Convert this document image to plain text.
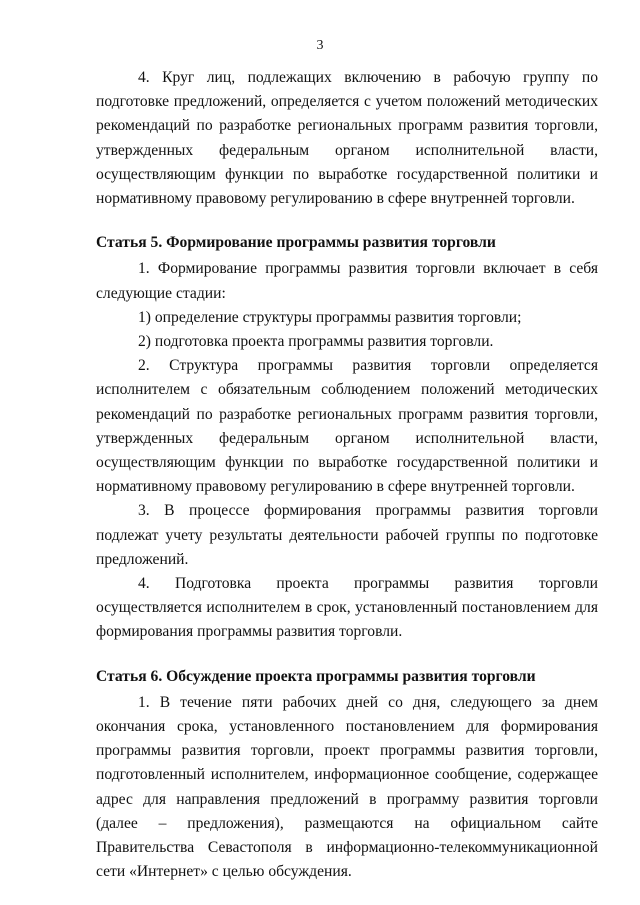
3

4. Круг лиц, подлежащих включению в рабочую группу по подготовке предложений, определяется с учетом положений методических рекомендаций по разработке региональных программ развития торговли, утвержденных федеральным органом исполнительной власти, осуществляющим функции по выработке государственной политики и нормативному правовому регулированию в сфере внутренней торговли.

Статья 5. Формирование программы развития торговли

1. Формирование программы развития торговли включает в себя следующие стадии:

1) определение структуры программы развития торговли;

2) подготовка проекта программы развития торговли.

2. Структура программы развития торговли определяется исполнителем с обязательным соблюдением положений методических рекомендаций по разработке региональных программ развития торговли, утвержденных федеральным органом исполнительной власти, осуществляющим функции по выработке государственной политики и нормативному правовому регулированию в сфере внутренней торговли.

3. В процессе формирования программы развития торговли подлежат учету результаты деятельности рабочей группы по подготовке предложений.

4. Подготовка проекта программы развития торговли осуществляется исполнителем в срок, установленный постановлением для формирования программы развития торговли.

Статья 6. Обсуждение проекта программы развития торговли

1. В течение пяти рабочих дней со дня, следующего за днем окончания срока, установленного постановлением для формирования программы развития торговли, проект программы развития торговли, подготовленный исполнителем, информационное сообщение, содержащее адрес для направления предложений в программу развития торговли (далее – предложения), размещаются на официальном сайте Правительства Севастополя в информационно-телекоммуникационной сети «Интернет» с целью обсуждения.
